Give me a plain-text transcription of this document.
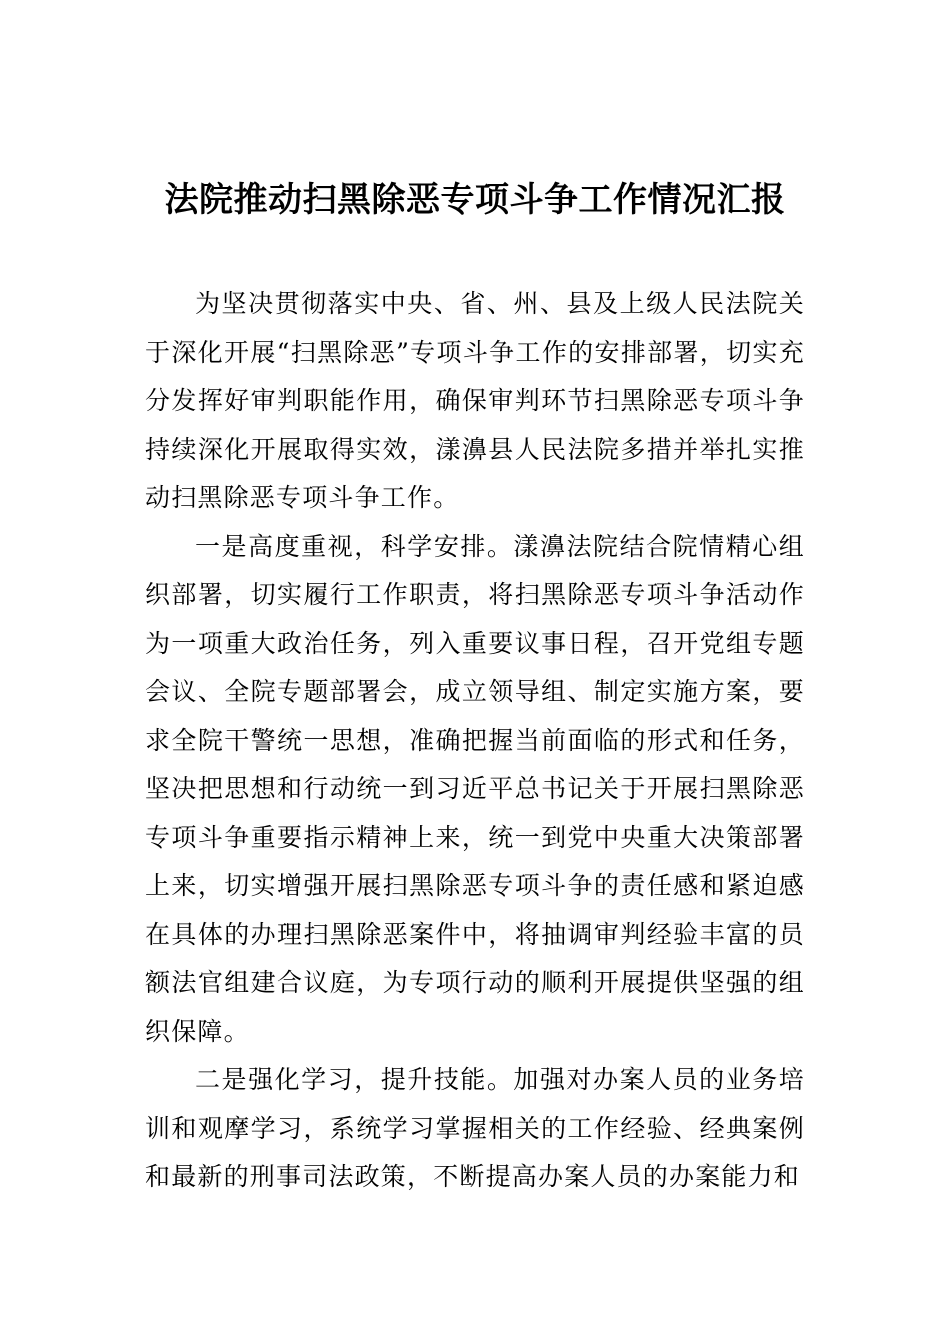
法院推动扫黑除恶专项斗争工作情况汇报

为坚决贯彻落实中央、省、州、县及上级人民法院关于深化开展“扫黑除恶”专项斗争工作的安排部署，切实充分发挥好审判职能作用，确保审判环节扫黑除恶专项斗争持续深化开展取得实效，漾濞县人民法院多措并举扎实推动扫黑除恶专项斗争工作。

一是高度重视，科学安排。漾濞法院结合院情精心组织部署，切实履行工作职责，将扫黑除恶专项斗争活动作为一项重大政治任务，列入重要议事日程，召开党组专题会议、全院专题部署会，成立领导组、制定实施方案，要求全院干警统一思想，准确把握当前面临的形式和任务，坚决把思想和行动统一到习近平总书记关于开展扫黑除恶专项斗争重要指示精神上来，统一到党中央重大决策部署上来，切实增强开展扫黑除恶专项斗争的责任感和紧迫感在具体的办理扫黑除恶案件中，将抽调审判经验丰富的员额法官组建合议庭，为专项行动的顺利开展提供坚强的组织保障。

二是强化学习，提升技能。加强对办案人员的业务培训和观摩学习，系统学习掌握相关的工作经验、经典案例和最新的刑事司法政策，不断提高办案人员的办案能力和
